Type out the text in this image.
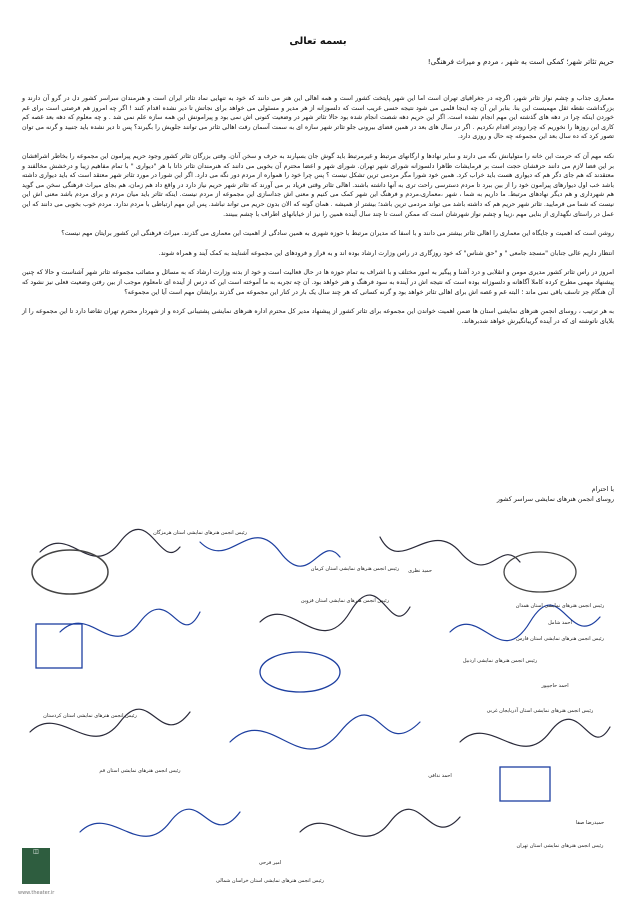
بسمه تعالی
حریم تئاتر شهر؛ کمکی است به شهر ، مردم و میراث فرهنگی!

معماری جذاب و چشم نواز تئاتر شهر، اگرچه در جغرافیای تهران است اما این شهر پایتخت کشور است و همه اهالی این هنر می دانند که خود به تنهایی نماد تئاتر ایران است و هنرمندان سراسر کشور دل در گرو آن دارند و بزرگداشت نقطه ثقل مهمیست این بنا. بنابر این آن چه اینجا قلمی می شود نتیجه حسی غریب است که دلسوزانه از هر مدیر و مسئولی می خواهد برای نجاتش تا دیر نشده اقدام کنند ! اگر چه امروز هم فرصتی است برای غم خوردن اینکه چرا در دهه های گذشته این مهم انجام نشده است. اگر این حریم دهه شصت انجام شده بود حالا تئاتر شهر در وضعیت کنونی اش نمی بود و پیرامونش این همه سازه علم نمی شد . و چه معلوم که دهه بعد غصه کم کاری این روزها را نخوریم که چرا زودتر اقدام نکردیم . اگر در سال های بعد در همین فضای بیرونی جلو تئاتر شهر سازه ای به سمت آسمان رفت اهالی تئاتر می توانند جلویش را بگیرند؟ پس تا دیر نشده باید جنبید و گرنه می توان تصور کرد که ده سال بعد این مجموعه چه حال و روزی دارد.

نکته مهم آن که حرمت این خانه را متولیانش نگه می دارند و سایر نهادها و ارگانهای مرتبط و غیرمرتبط باید گوش جان بسپارند به حرف و سخن آنان. وقتی بزرگان تئاتر کشور وجود حریم پیرامون این مجموعه را بخاطر اشرافشان بر این فضا لازم می دانند حرفشان حجت است بر فرمایشات ظاهرا دلسوزانه شورای شهر تهران. شورای شهر و اعضا محترم آن بخوبی می دانند که هنرمندان تئاتر ذاتا با هر "دیواری " با تمام مفاهیم زیبا و درخشش مخالفند و معتقدند که هم جای دگر هم که دیواری هست باید خراب کرد. همین خود شورا مگر مردمی ترین تشکل نیست ؟ پس چرا خود را همواره از مردم دور نگه می دارد. اگر این شورا در مورد تئاتر شهر معتقد است که باید دیواری داشته باشد خب اول دیوارهای پیرامون خود را از بین ببرد تا مردم دسترسی راحت تری به آنها داشته باشند. اهالی تئاتر وقتی فریاد بر می آورند که تئاتر شهر حریم نیاز دارد در واقع داد هم زمان، هم بجای میراث فرهنگی سخن می گوید هم شهرداری و هم دیگر نهادهای مرتبط. ما داریم به شما ، شهر ،معماری،مردم و فرهنگ این شهر کمک می کنیم و معنی اش جداسازی این مجموعه از مردم نیست. اینکه تئاتر باید میان مردم و برای مردم باشد معنی اش این نیست که شما می فرمایید. تئاتر شهر حریم هم که داشته باشد می تواند مردمی ترین باشد؛ بیشتر از همیشه . همان گونه که الان بدون حریم می تواند نباشد. پس این مهم ارتباطی با مردم ندارد. مردم خوب بخوبی می دانند که این عمل در راستای نگهداری از بنایی مهم ،زیبا و چشم نواز شهرشان است که ممکن است تا چند سال آینده همین را نیز از خیابانهای اطراف با چشم ببینند.

روشن است که اهمیت و جایگاه این معماری را اهالی تئاتر بیشتر می دانند و با اسفا که مدیران مرتبط با حوزه شهری به همین سادگی از اهمیت این معماری می گذرند. میراث فرهنگی این کشور برایتان مهم نیست؟

انتظار داریم عالی جنابان "مسجد جامعی " و "حق شناس" که خود روزگاری در راس وزارت ارشاد بوده اند و به فراز و فرودهای این مجموعه آشنایند به کمک آیند و همراه شوند.

امروز در راس تئاتر کشور مدیری مومن و انقلابی و درد آشنا و پیگیر به امور مختلف و با اشراف به تمام حوزه ها در حال فعالیت است و خود از بدنه وزارت ارشاد که به مسائل و مصائب مجموعه تئاتر شهر آشناست و حالا که چنین پیشنهاد مهمی مطرح کرده کاملا آگاهانه و دلسوزانه بوده است که نتیجه اش در آینده به سود فرهنگ و هنر خواهد بود. آن چه تجربه به ما آموخته است این که درس از آینده ای نامعلوم موجب از بین رفتن وضعیت فعلی نیز نشود که آن هنگام جز تاسف باقی نمی ماند ؛ البته غم و غصه اش برای اهالی تئاتر خواهد بود و گرنه کسانی که هر چند سال یک بار در کنار این مجموعه می گذرند برایشان مهم است آیا این مجموعه؟

به هر ترتیب ، روسای انجمن هنرهای نمایشی استان ها ضمن اهمیت خواندن این مجموعه برای تئاتر کشور از پیشنهاد مدیر کل محترم اداره هنرهای نمایشی پشتیبانی کرده و از شهردار محترم تهران تقاضا دارد تا این مجموعه را از بلایای ناتوشته ای که در آینده گریبانگیرش خواهد شدبرهاند.

با احترام
روسای انجمن هنرهای نمایشی سراسر کشور
رئیس انجمن هنرهای نمایشی استان هرمزگان
رئیس انجمن هنرهای نمایشی استان کرمان
رئیس انجمن هنرهای نمایشی استان همدان
رئیس انجمن هنرهای نمایشی اردبیل
رئیس انجمن هنرهای نمایشی استان قزوین
رئیس انجمن هنرهای نمایشی استان آذربایجان غربی
رئیس انجمن هنرهای نمایشی استان کردستان
رئیس انجمن هنرهای نمایشی استان خراسان شمالی
رئیس انجمن هنرهای نمایشی استان تهران
رئیس انجمن هنرهای نمایشی استان قم
رئیس انجمن هنرهای نمایشی استان فارس
احمد ندافی
احمد شامل
احمد حاجیپور
حمید نظری
امیر فرحی
حمیدرضا صفا
◫
www.theater.ir
